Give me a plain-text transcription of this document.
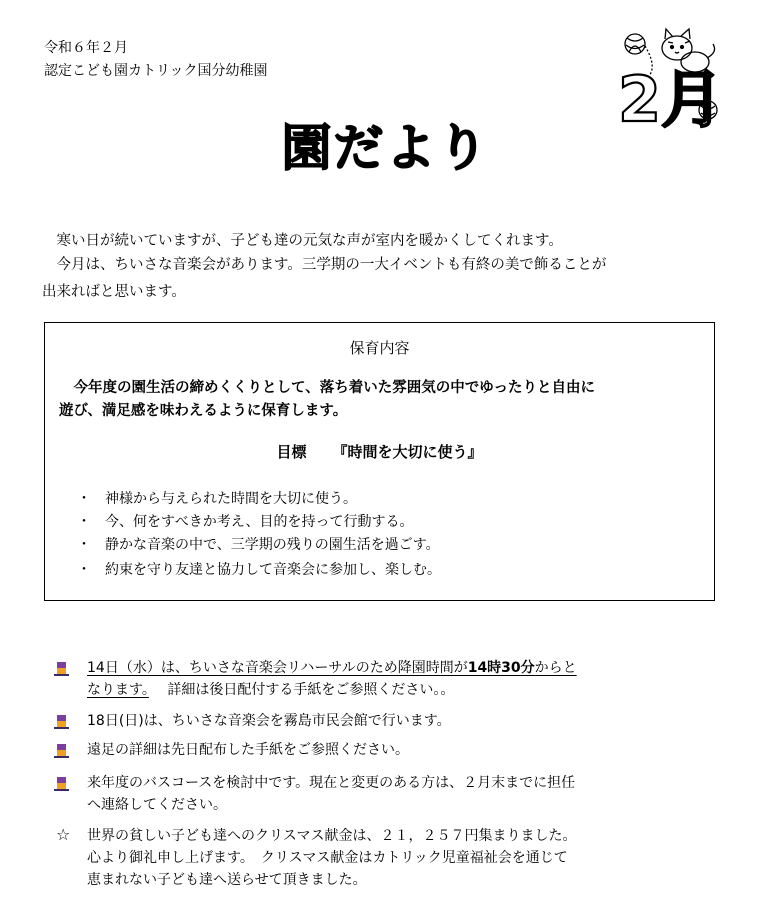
令和６年２月
認定こども園カトリック国分幼稚園	2月
園だより
　寒い日が続いていますが、子ども達の元気な声が室内を暖かくしてくれます。
　今月は、ちいさな音楽会があります。三学期の一大イベントも有終の美で飾ることが
出来ればと思います。
保育内容
　今年度の園生活の締めくくりとして、落ち着いた雰囲気の中でゆったりと自由に
遊び、満足感を味わえるように保育します。
目標 『時間を大切に使う』
・ 神様から与えられた時間を大切に使う。
・ 今、何をすべきか考え、目的を持って行動する。
・ 静かな音楽の中で、三学期の残りの園生活を過ごす。
・ 約束を守り友達と協力して音楽会に参加し、楽しむ。
14日（水）は、ちいさな音楽会リハーサルのため降園時間が14時30分からと
なります。　 詳細は後日配付する手紙をご参照ください。。
18日(日)は、ちいさな音楽会を霧島市民会館で行います。
遠足の詳細は先日配布した手紙をご参照ください。
来年度のバスコースを検討中です。現在と変更のある方は、２月末までに担任
へ連絡してください。
☆ 世界の貧しい子ども達へのクリスマス献金は、２１，２５７円集まりました。
心より御礼申し上げます。　クリスマス献金はカトリック児童福祉会を通じて
恵まれない子ども達へ送らせて頂きました。
